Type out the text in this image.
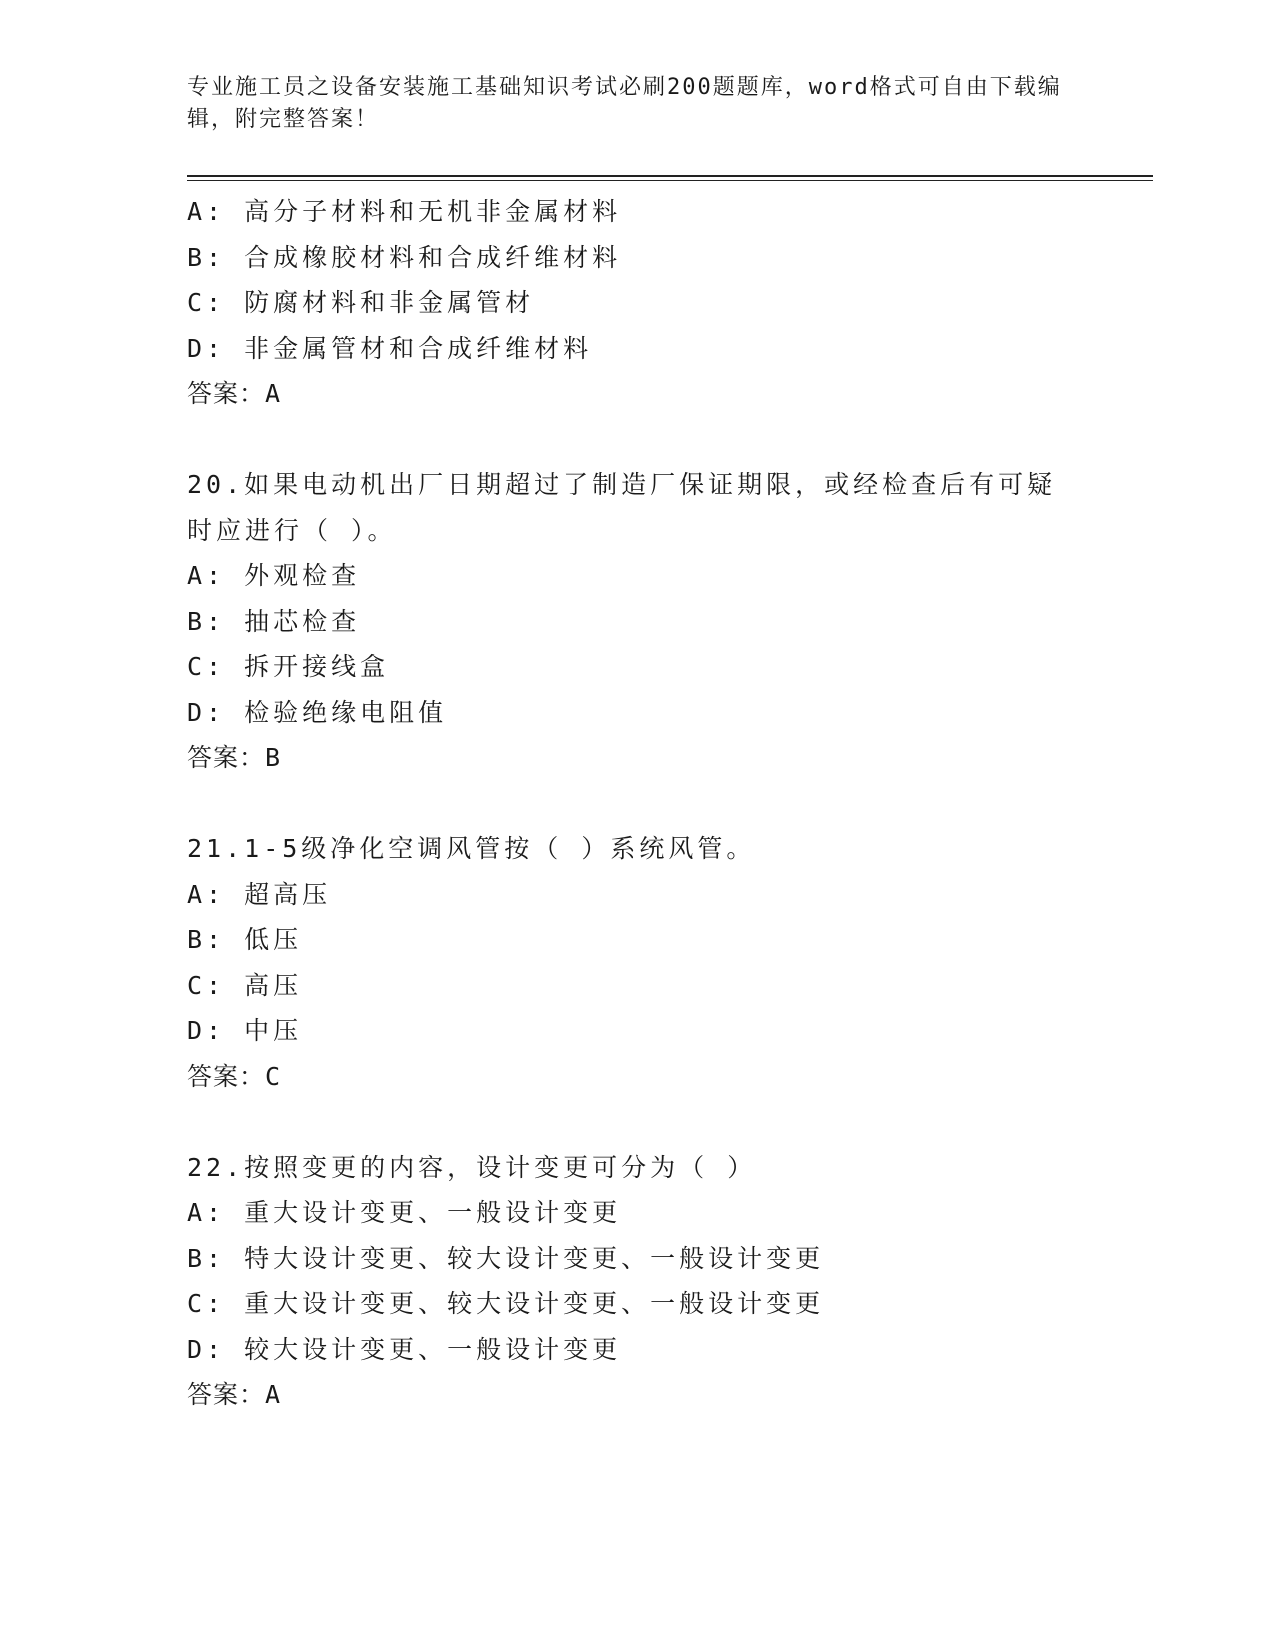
专业施工员之设备安装施工基础知识考试必刷200题题库，word格式可自由下载编辑，附完整答案！
A: 高分子材料和无机非金属材料
B: 合成橡胶材料和合成纤维材料
C: 防腐材料和非金属管材
D: 非金属管材和合成纤维材料
答案：A
20.如果电动机出厂日期超过了制造厂保证期限，或经检查后有可疑时应进行（ ）。
A: 外观检查
B: 抽芯检查
C: 拆开接线盒
D: 检验绝缘电阻值
答案：B
21.1-5级净化空调风管按（ ）系统风管。
A: 超高压
B: 低压
C: 高压
D: 中压
答案：C
22.按照变更的内容，设计变更可分为（ ）
A: 重大设计变更、一般设计变更
B: 特大设计变更、较大设计变更、一般设计变更
C: 重大设计变更、较大设计变更、一般设计变更
D: 较大设计变更、一般设计变更
答案：A
